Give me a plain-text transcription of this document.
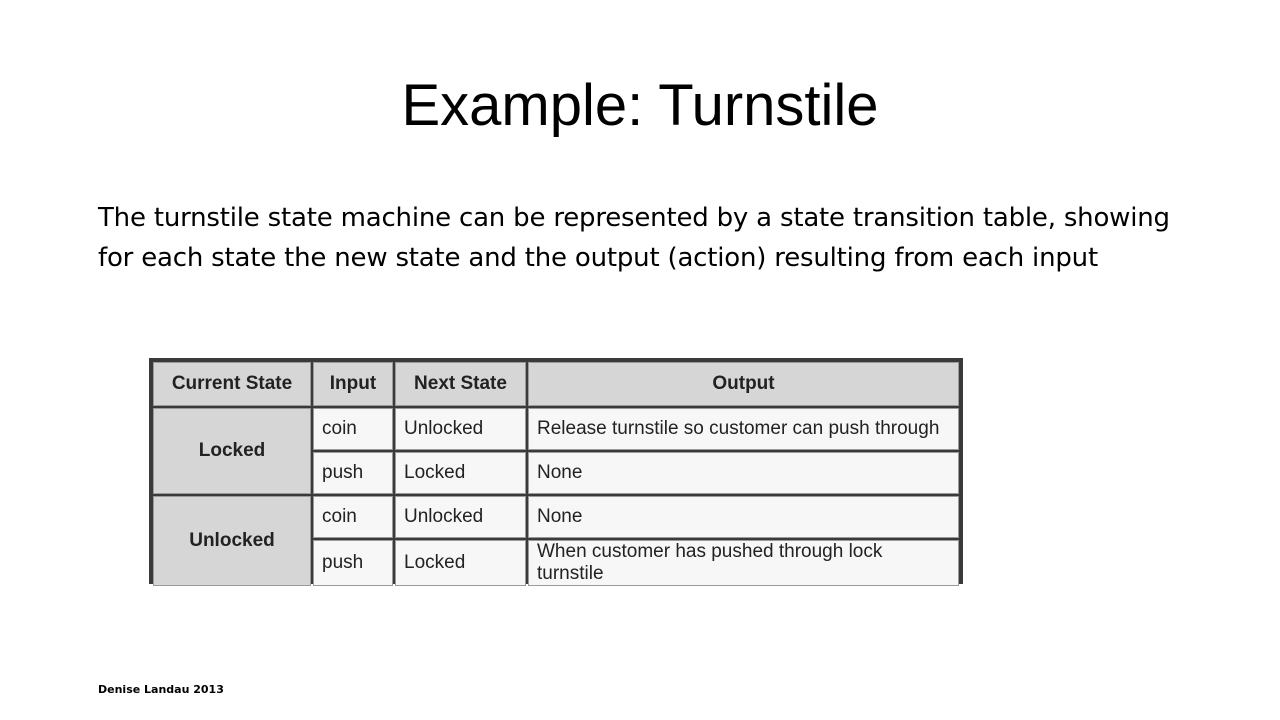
Example: Turnstile

The turnstile state machine can be represented by a state transition table, showing for each state the new state and the output (action) resulting from each input

Current State	Input	Next State	Output
Locked	coin	Unlocked	Release turnstile so customer can push through
	push	Locked	None
Unlocked	coin	Unlocked	None
	push	Locked	When customer has pushed through lock turnstile
Denise Landau 2013
